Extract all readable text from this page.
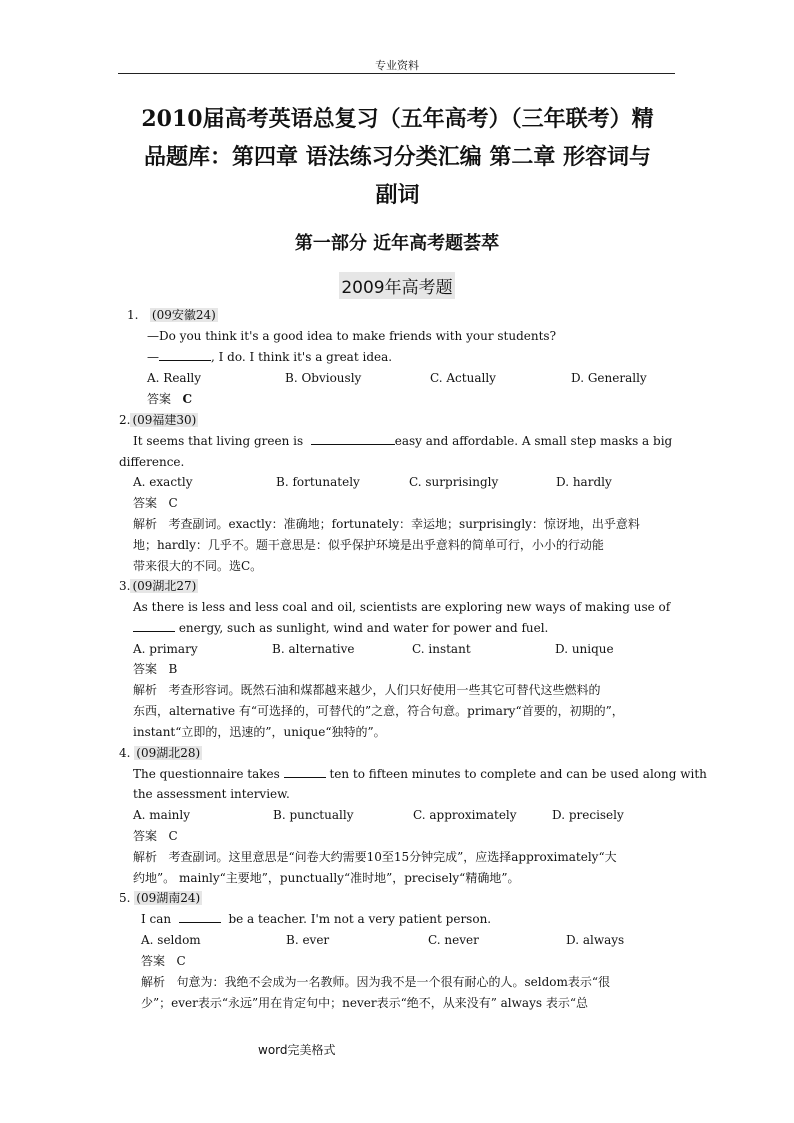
专业资料
2010届高考英语总复习（五年高考）（三年联考）精
品题库：第四章 语法练习分类汇编 第二章 形容词与
副词
第一部分 近年高考题荟萃
2009年高考题
1. (09安徽24)
—Do you think it's a good idea to make friends with your students?
—	, I do. I think it's a great idea.
A. Really	B. Obviously	C. Actually	D. Generally
答案 C
2. (09福建30)
It seems that living green is	easy and affordable. A small step masks a big
difference.
A. exactly	B. fortunately	C. surprisingly	D. hardly
答案 C
解析 考查副词。exactly：准确地；fortunately：幸运地；surprisingly：惊讶地，出乎意料
地；hardly：几乎不。题干意思是：似乎保护环境是出乎意料的简单可行，小小的行动能
带来很大的不同。选C。
3. (09湖北27)
As there is less and less coal and oil, scientists are exploring new ways of making use of
energy, such as sunlight, wind and water for power and fuel.
A. primary	B. alternative	C. instant	D. unique
答案 B
解析 考查形容词。既然石油和煤都越来越少，人们只好使用一些其它可替代这些燃料的
东西，alternative 有“可选择的，可替代的”之意，符合句意。primary“首要的，初期的”，
instant“立即的，迅速的”，unique“独特的”。
4. (09湖北28)
The questionnaire takes	ten to fifteen minutes to complete and can be used along with
the assessment interview.
A. mainly	B. punctually	C. approximately	D. precisely
答案 C
解析 考查副词。这里意思是“问卷大约需要10至15分钟完成”，应选择approximately“大
约地”。 mainly“主要地”，punctually“准时地”，precisely“精确地”。
5. (09湖南24)
I can	be a teacher. I'm not a very patient person.
A. seldom	B. ever	C. never	D. always
答案 C
解析 句意为：我绝不会成为一名教师。因为我不是一个很有耐心的人。seldom表示“很
少”；ever表示“永远”用在肯定句中；never表示“绝不，从来没有” always 表示“总
word完美格式
